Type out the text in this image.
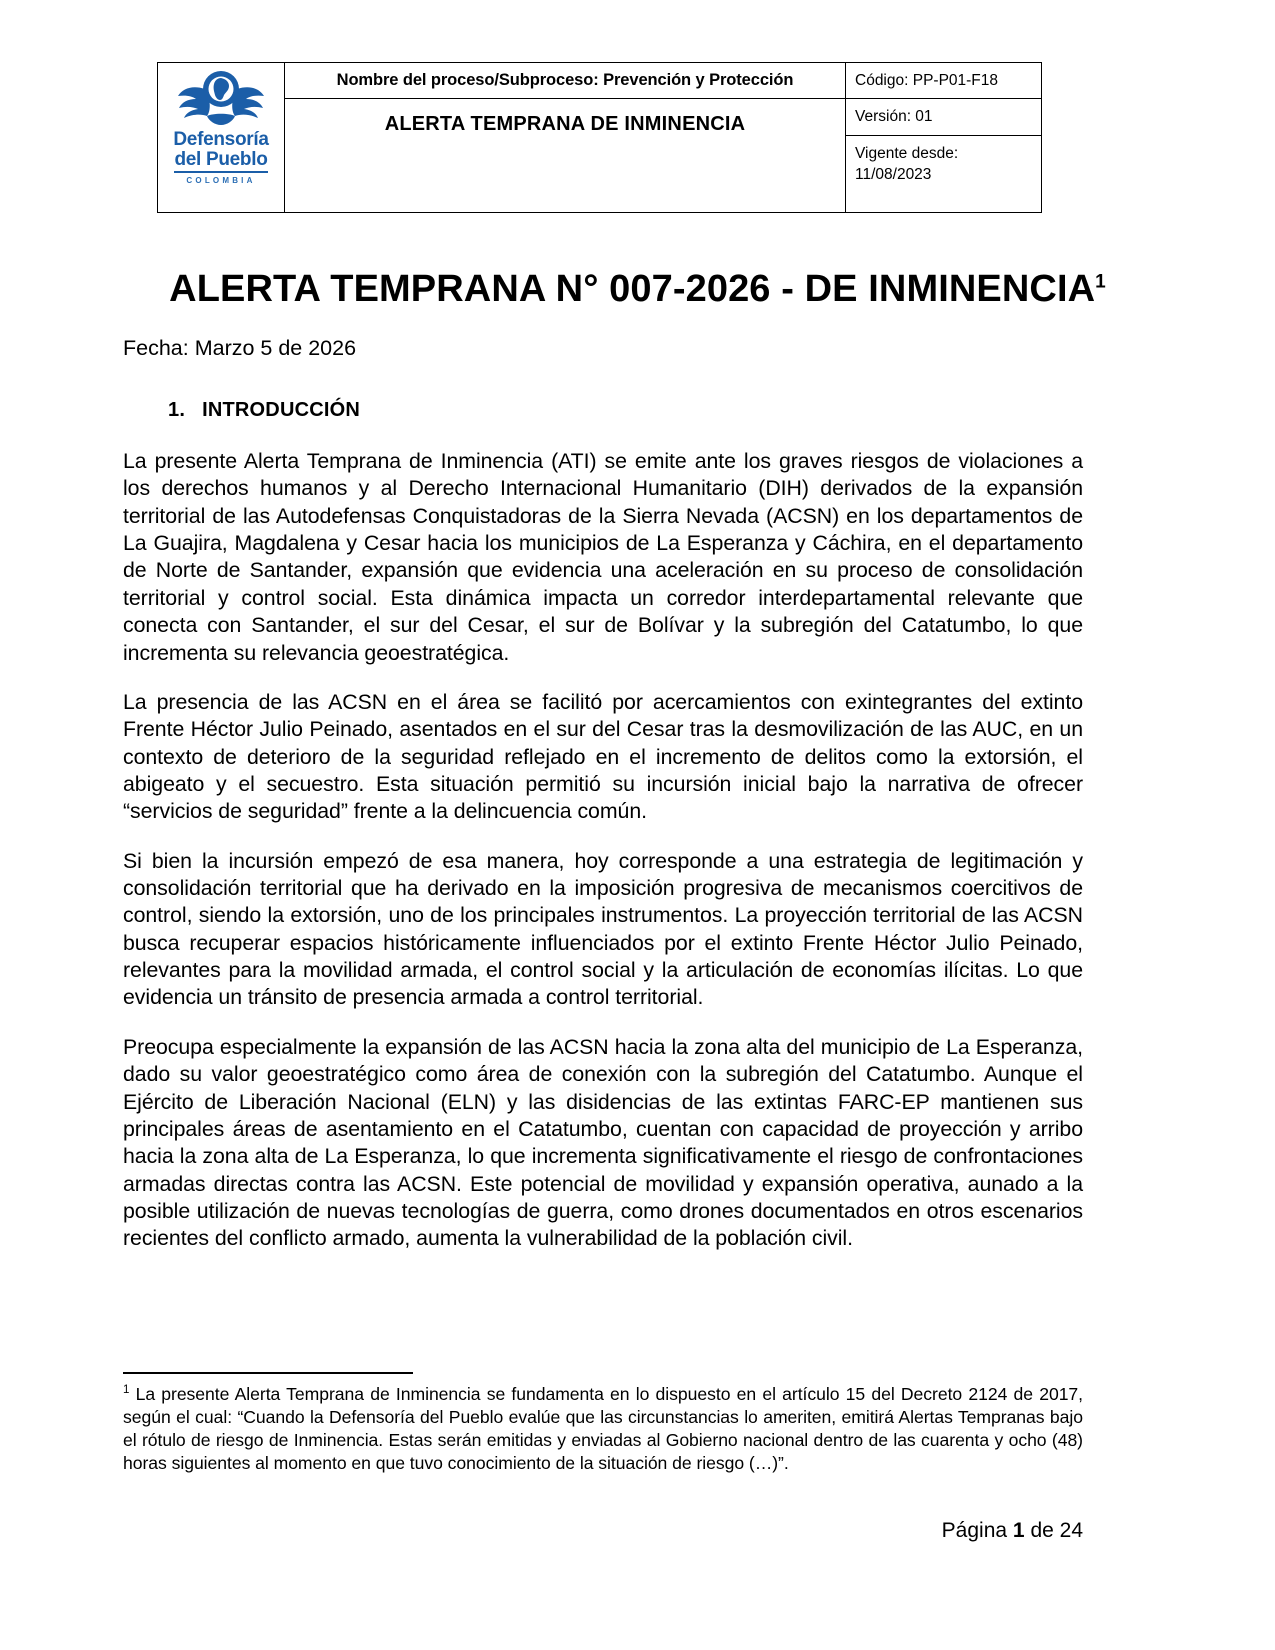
Defensoría
del Pueblo
COLOMBIA	Nombre del proceso/Subproceso: Prevención y Protección	Código: PP-P01-F18
	ALERTA TEMPRANA DE INMINENCIA	Versión: 01

		Vigente desde:
11/08/2023
ALERTA TEMPRANA N° 007-2026 - DE INMINENCIA$^1$
Fecha: Marzo 5 de 2026
1. INTRODUCCIÓN

La presente Alerta Temprana de Inminencia (ATI) se emite ante los graves riesgos de violaciones a los derechos humanos y al Derecho Internacional Humanitario (DIH) derivados de la expansión territorial de las Autodefensas Conquistadoras de la Sierra Nevada (ACSN) en los departamentos de La Guajira, Magdalena y Cesar hacia los municipios de La Esperanza y Cáchira, en el departamento de Norte de Santander, expansión que evidencia una aceleración en su proceso de consolidación territorial y control social. Esta dinámica impacta un corredor interdepartamental relevante que conecta con Santander, el sur del Cesar, el sur de Bolívar y la subregión del Catatumbo, lo que incrementa su relevancia geoestratégica.

La presencia de las ACSN en el área se facilitó por acercamientos con exintegrantes del extinto Frente Héctor Julio Peinado, asentados en el sur del Cesar tras la desmovilización de las AUC, en un contexto de deterioro de la seguridad reflejado en el incremento de delitos como la extorsión, el abigeato y el secuestro. Esta situación permitió su incursión inicial bajo la narrativa de ofrecer “servicios de seguridad” frente a la delincuencia común.

Si bien la incursión empezó de esa manera, hoy corresponde a una estrategia de legitimación y consolidación territorial que ha derivado en la imposición progresiva de mecanismos coercitivos de control, siendo la extorsión, uno de los principales instrumentos. La proyección territorial de las ACSN busca recuperar espacios históricamente influenciados por el extinto Frente Héctor Julio Peinado, relevantes para la movilidad armada, el control social y la articulación de economías ilícitas. Lo que evidencia un tránsito de presencia armada a control territorial.

Preocupa especialmente la expansión de las ACSN hacia la zona alta del municipio de La Esperanza, dado su valor geoestratégico como área de conexión con la subregión del Catatumbo. Aunque el Ejército de Liberación Nacional (ELN) y las disidencias de las extintas FARC-EP mantienen sus principales áreas de asentamiento en el Catatumbo, cuentan con capacidad de proyección y arribo hacia la zona alta de La Esperanza, lo que incrementa significativamente el riesgo de confrontaciones armadas directas contra las ACSN. Este potencial de movilidad y expansión operativa, aunado a la posible utilización de nuevas tecnologías de guerra, como drones documentados en otros escenarios recientes del conflicto armado, aumenta la vulnerabilidad de la población civil.

$^1$ La presente Alerta Temprana de Inminencia se fundamenta en lo dispuesto en el artículo 15 del Decreto 2124 de 2017, según el cual: “Cuando la Defensoría del Pueblo evalúe que las circunstancias lo ameriten, emitirá Alertas Tempranas bajo el rótulo de riesgo de Inminencia. Estas serán emitidas y enviadas al Gobierno nacional dentro de las cuarenta y ocho (48) horas siguientes al momento en que tuvo conocimiento de la situación de riesgo (…)”.
Página 1 de 24
